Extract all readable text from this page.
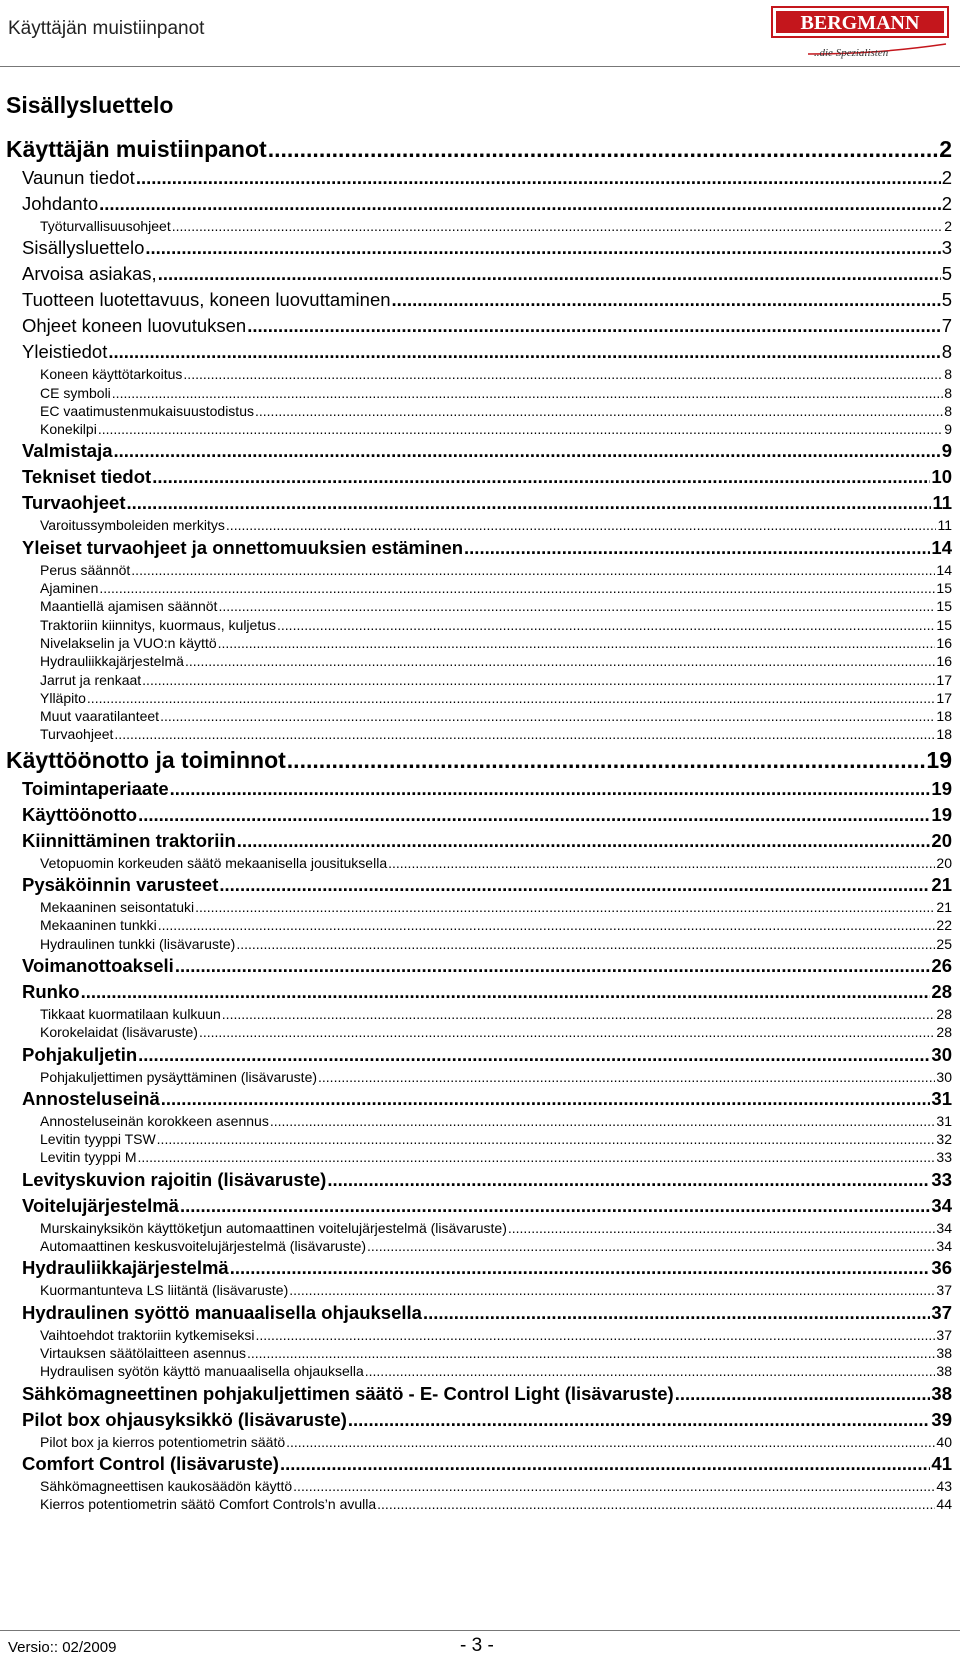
Käyttäjän muistiinpanot	BERGMANN
..die Spezialisten
Sisällysluettelo
Käyttäjän muistiinpanot .....	2
Vaunun tiedot .....	2
Johdanto .....	2
Työturvallisuusohjeet .....	2
Sisällysluettelo .....	3
Arvoisa asiakas, .....	5
Tuotteen luotettavuus, koneen luovuttaminen .....	5
Ohjeet koneen luovutuksen .....	7
Yleistiedot .....	8
Koneen käyttötarkoitus .....	8
CE symboli .....	8
EC vaatimustenmukaisuustodistus .....	8
Konekilpi .....	9
Valmistaja .....	9
Tekniset tiedot .....	10
Turvaohjeet .....	11
Varoitussymboleiden merkitys .....	11
Yleiset turvaohjeet ja onnettomuuksien estäminen .....	14
Perus säännöt .....	14
Ajaminen .....	15
Maantiellä ajamisen säännöt .....	15
Traktoriin kiinnitys, kuormaus, kuljetus .....	15
Nivelakselin ja VUO:n käyttö .....	16
Hydrauliikkajärjestelmä .....	16
Jarrut ja renkaat .....	17
Ylläpito .....	17
Muut vaaratilanteet .....	18
Turvaohjeet .....	18
Käyttöönotto ja toiminnot .....	19
Toimintaperiaate .....	19
Käyttöönotto .....	19
Kiinnittäminen traktoriin .....	20
Vetopuomin korkeuden säätö mekaanisella jousituksella .....	20
Pysäköinnin varusteet .....	21
Mekaaninen seisontatuki .....	21
Mekaaninen tunkki .....	22
Hydraulinen tunkki (lisävaruste) .....	25
Voimanottoakseli .....	26
Runko .....	28
Tikkaat kuormatilaan kulkuun .....	28
Korokelaidat (lisävaruste) .....	28
Pohjakuljetin .....	30
Pohjakuljettimen pysäyttäminen (lisävaruste) .....	30
Annosteluseinä .....	31
Annosteluseinän korokkeen asennus .....	31
Levitin tyyppi TSW .....	32
Levitin tyyppi M .....	33
Levityskuvion rajoitin (lisävaruste) .....	33
Voitelujärjestelmä .....	34
Murskainyksikön käyttöketjun automaattinen voitelujärjestelmä (lisävaruste) .....	34
Automaattinen keskusvoitelujärjestelmä (lisävaruste) .....	34
Hydrauliikkajärjestelmä .....	36
Kuormantunteva LS liitäntä (lisävaruste) .....	37
Hydraulinen syöttö manuaalisella ohjauksella .....	37
Vaihtoehdot traktoriin kytkemiseksi .....	37
Virtauksen säätölaitteen asennus .....	38
Hydraulisen syötön käyttö manuaalisella ohjauksella .....	38
Sähkömagneettinen pohjakuljettimen säätö - E- Control Light (lisävaruste) .....	38
Pilot box ohjausyksikkö (lisävaruste) .....	39
Pilot box ja kierros potentiometrin säätö .....	40
Comfort Control (lisävaruste) .....	41
Sähkömagneettisen kaukosäädön käyttö .....	43
Kierros potentiometrin säätö Comfort Controls’n avulla .....	44
Versio:: 02/2009	- 3 -
